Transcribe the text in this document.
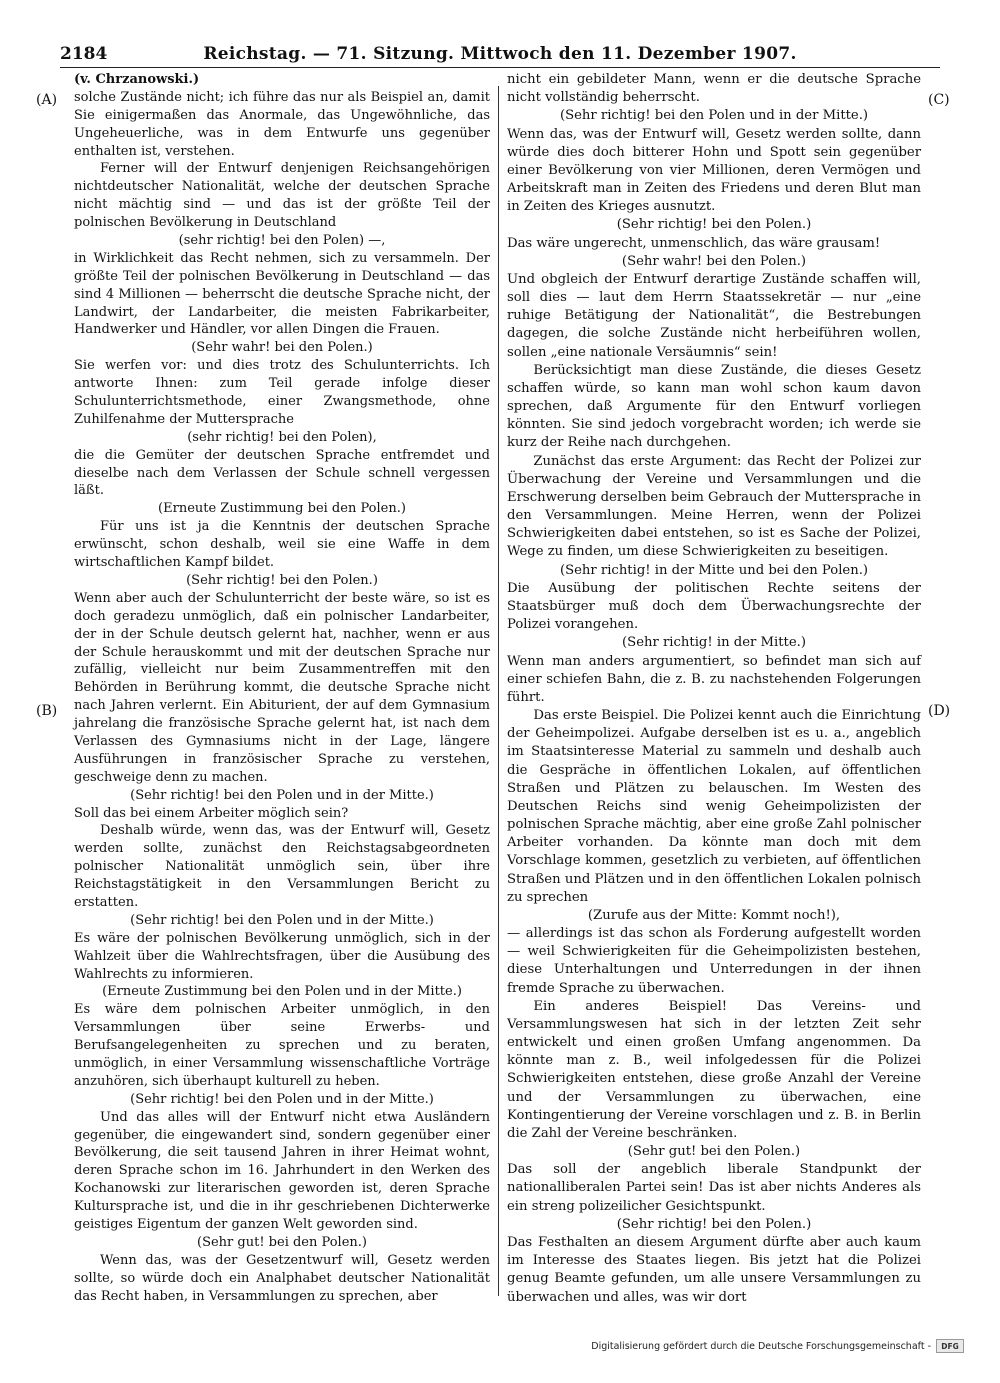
2184	Reichstag. — 71. Sitzung. Mittwoch den 11. Dezember 1907.

(v. Chrzanowski.)

solche Zustände nicht; ich führe das nur als Beispiel an, damit Sie einigermaßen das Anormale, das Ungewöhnliche, das Ungeheuerliche, was in dem Entwurfe uns gegenüber enthalten ist, verstehen.

Ferner will der Entwurf denjenigen Reichsangehörigen nichtdeutscher Nationalität, welche der deutschen Sprache nicht mächtig sind — und das ist der größte Teil der polnischen Bevölkerung in Deutschland

(sehr richtig! bei den Polen) —,

in Wirklichkeit das Recht nehmen, sich zu versammeln. Der größte Teil der polnischen Bevölkerung in Deutschland — das sind 4 Millionen — beherrscht die deutsche Sprache nicht, der Landwirt, der Landarbeiter, die meisten Fabrikarbeiter, Handwerker und Händler, vor allen Dingen die Frauen.

(Sehr wahr! bei den Polen.)

Sie werfen vor: und dies trotz des Schulunterrichts. Ich antworte Ihnen: zum Teil gerade infolge dieser Schulunterrichtsmethode, einer Zwangsmethode, ohne Zuhilfenahme der Muttersprache

(sehr richtig! bei den Polen),

die die Gemüter der deutschen Sprache entfremdet und dieselbe nach dem Verlassen der Schule schnell vergessen läßt.

(Erneute Zustimmung bei den Polen.)

Für uns ist ja die Kenntnis der deutschen Sprache erwünscht, schon deshalb, weil sie eine Waffe in dem wirtschaftlichen Kampf bildet.

(Sehr richtig! bei den Polen.)

Wenn aber auch der Schulunterricht der beste wäre, so ist es doch geradezu unmöglich, daß ein polnischer Landarbeiter, der in der Schule deutsch gelernt hat, nachher, wenn er aus der Schule herauskommt und mit der deutschen Sprache nur zufällig, vielleicht nur beim Zusammentreffen mit den Behörden in Berührung kommt, die deutsche Sprache nicht nach Jahren verlernt. Ein Abiturient, der auf dem Gymnasium jahrelang die französische Sprache gelernt hat, ist nach dem Verlassen des Gymnasiums nicht in der Lage, längere Ausführungen in französischer Sprache zu verstehen, geschweige denn zu machen.

(Sehr richtig! bei den Polen und in der Mitte.)

Soll das bei einem Arbeiter möglich sein?

Deshalb würde, wenn das, was der Entwurf will, Gesetz werden sollte, zunächst den Reichstagsabgeordneten polnischer Nationalität unmöglich sein, über ihre Reichstagstätigkeit in den Versammlungen Bericht zu erstatten.

(Sehr richtig! bei den Polen und in der Mitte.)

Es wäre der polnischen Bevölkerung unmöglich, sich in der Wahlzeit über die Wahlrechtsfragen, über die Ausübung des Wahlrechts zu informieren.

(Erneute Zustimmung bei den Polen und in der Mitte.)

Es wäre dem polnischen Arbeiter unmöglich, in den Versammlungen über seine Erwerbs- und Berufsangelegenheiten zu sprechen und zu beraten, unmöglich, in einer Versammlung wissenschaftliche Vorträge anzuhören, sich überhaupt kulturell zu heben.

(Sehr richtig! bei den Polen und in der Mitte.)

Und das alles will der Entwurf nicht etwa Ausländern gegenüber, die eingewandert sind, sondern gegenüber einer Bevölkerung, die seit tausend Jahren in ihrer Heimat wohnt, deren Sprache schon im 16. Jahrhundert in den Werken des Kochanowski zur literarischen geworden ist, deren Sprache Kultursprache ist, und die in ihr geschriebenen Dichterwerke geistiges Eigentum der ganzen Welt geworden sind.

(Sehr gut! bei den Polen.)

Wenn das, was der Gesetzentwurf will, Gesetz werden sollte, so würde doch ein Analphabet deutscher Nationalität das Recht haben, in Versammlungen zu sprechen, aber

nicht ein gebildeter Mann, wenn er die deutsche Sprache nicht vollständig beherrscht.

(Sehr richtig! bei den Polen und in der Mitte.)

Wenn das, was der Entwurf will, Gesetz werden sollte, dann würde dies doch bitterer Hohn und Spott sein gegenüber einer Bevölkerung von vier Millionen, deren Vermögen und Arbeitskraft man in Zeiten des Friedens und deren Blut man in Zeiten des Krieges ausnutzt.

(Sehr richtig! bei den Polen.)

Das wäre ungerecht, unmenschlich, das wäre grausam!

(Sehr wahr! bei den Polen.)

Und obgleich der Entwurf derartige Zustände schaffen will, soll dies — laut dem Herrn Staatssekretär — nur „eine ruhige Betätigung der Nationalität“, die Bestrebungen dagegen, die solche Zustände nicht herbeiführen wollen, sollen „eine nationale Versäumnis“ sein!

Berücksichtigt man diese Zustände, die dieses Gesetz schaffen würde, so kann man wohl schon kaum davon sprechen, daß Argumente für den Entwurf vorliegen könnten. Sie sind jedoch vorgebracht worden; ich werde sie kurz der Reihe nach durchgehen.

Zunächst das erste Argument: das Recht der Polizei zur Überwachung der Vereine und Versammlungen und die Erschwerung derselben beim Gebrauch der Muttersprache in den Versammlungen. Meine Herren, wenn der Polizei Schwierigkeiten dabei entstehen, so ist es Sache der Polizei, Wege zu finden, um diese Schwierigkeiten zu beseitigen.

(Sehr richtig! in der Mitte und bei den Polen.)

Die Ausübung der politischen Rechte seitens der Staatsbürger muß doch dem Überwachungsrechte der Polizei vorangehen.

(Sehr richtig! in der Mitte.)

Wenn man anders argumentiert, so befindet man sich auf einer schiefen Bahn, die z. B. zu nachstehenden Folgerungen führt.

Das erste Beispiel. Die Polizei kennt auch die Einrichtung der Geheimpolizei. Aufgabe derselben ist es u. a., angeblich im Staatsinteresse Material zu sammeln und deshalb auch die Gespräche in öffentlichen Lokalen, auf öffentlichen Straßen und Plätzen zu belauschen. Im Westen des Deutschen Reichs sind wenig Geheimpolizisten der polnischen Sprache mächtig, aber eine große Zahl polnischer Arbeiter vorhanden. Da könnte man doch mit dem Vorschlage kommen, gesetzlich zu verbieten, auf öffentlichen Straßen und Plätzen und in den öffentlichen Lokalen polnisch zu sprechen

(Zurufe aus der Mitte: Kommt noch!),

— allerdings ist das schon als Forderung aufgestellt worden — weil Schwierigkeiten für die Geheimpolizisten bestehen, diese Unterhaltungen und Unterredungen in der ihnen fremde Sprache zu überwachen.

Ein anderes Beispiel! Das Vereins- und Versammlungswesen hat sich in der letzten Zeit sehr entwickelt und einen großen Umfang angenommen. Da könnte man z. B., weil infolgedessen für die Polizei Schwierigkeiten entstehen, diese große Anzahl der Vereine und der Versammlungen zu überwachen, eine Kontingentierung der Vereine vorschlagen und z. B. in Berlin die Zahl der Vereine beschränken.

(Sehr gut! bei den Polen.)

Das soll der angeblich liberale Standpunkt der nationalliberalen Partei sein! Das ist aber nichts Anderes als ein streng polizeilicher Gesichtspunkt.

(Sehr richtig! bei den Polen.)

Das Festhalten an diesem Argument dürfte aber auch kaum im Interesse des Staates liegen. Bis jetzt hat die Polizei genug Beamte gefunden, um alle unsere Versammlungen zu überwachen und alles, was wir dort

(A)
(B)
(C)
(D)
Digitalisierung gefördert durch die Deutsche Forschungsgemeinschaft -	DFG
